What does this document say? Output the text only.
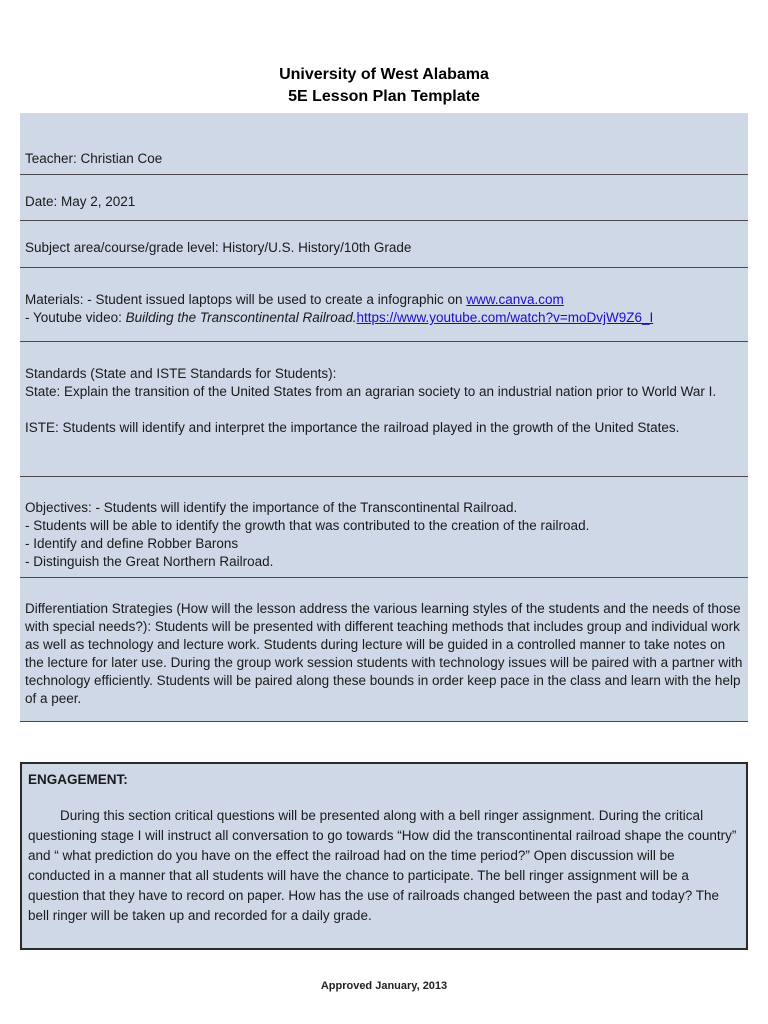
University of West Alabama
5E Lesson Plan Template

Teacher: Christian Coe

Date: May 2, 2021

Subject area/course/grade level: History/U.S. History/10th Grade

Materials: - Student issued laptops will be used to create a infographic on www.canva.com

- Youtube video: Building the Transcontinental Railroad.https://www.youtube.com/watch?v=moDvjW9Z6_I

Standards (State and ISTE Standards for Students):

State: Explain the transition of the United States from an agrarian society to an industrial nation prior to World War I.

ISTE: Students will identify and interpret the importance the railroad played in the growth of the United States.

Objectives: - Students will identify the importance of the Transcontinental Railroad.

- Students will be able to identify the growth that was contributed to the creation of the railroad.

- Identify and define Robber Barons

- Distinguish the Great Northern Railroad.

Differentiation Strategies (How will the lesson address the various learning styles of the students and the needs of those with special needs?): Students will be presented with different teaching methods that includes group and individual work as well as technology and lecture work. Students during lecture will be guided in a controlled manner to take notes on the lecture for later use. During the group work session students with technology issues will be paired with a partner with technology efficiently. Students will be paired along these bounds in order keep pace in the class and learn with the help of a peer.

ENGAGEMENT:

During this section critical questions will be presented along with a bell ringer assignment. During the critical questioning stage I will instruct all conversation to go towards “How did the transcontinental railroad shape the country” and “ what prediction do you have on the effect the railroad had on the time period?” Open discussion will be conducted in a manner that all students will have the chance to participate. The bell ringer assignment will be a question that they have to record on paper. How has the use of railroads changed between the past and today? The bell ringer will be taken up and recorded for a daily grade.

Approved January, 2013
